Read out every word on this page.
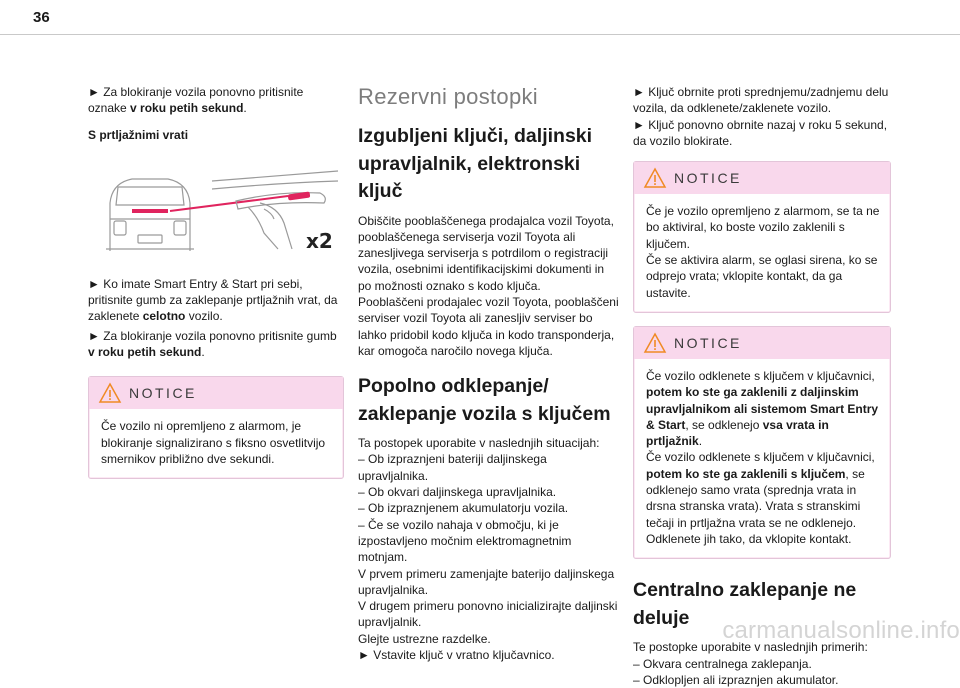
36

► Za blokiranje vozila ponovno pritisnite oznake v roku petih sekund.

S prtljažnimi vrati

x2

► Ko imate Smart Entry & Start pri sebi, pritisnite gumb za zaklepanje prtljažnih vrat, da zaklenete celotno vozilo.

► Za blokiranje vozila ponovno pritisnite gumb v roku petih sekund.

NOTICE
Če vozilo ni opremljeno z alarmom, je blokiranje signalizirano s fiksno osvetlitvijo smernikov približno dve sekundi.
Rezervni postopki
Izgubljeni ključi, daljinski upravljalnik, elektronski ključ

Obiščite pooblaščenega prodajalca vozil Toyota, pooblaščenega serviserja vozil Toyota ali zaneslјivega serviserja s potrdilom o registraciji vozila, osebnimi identifikacijskimi dokumenti in po možnosti oznako s kodo ključa.

Pooblaščeni prodajalec vozil Toyota, pooblaščeni serviser vozil Toyota ali zanesljiv serviser bo lahko pridobil kodo ključa in kodo transponderja, kar omogoča naročilo novega ključa.

Popolno odklepanje/ zaklepanje vozila s ključem

Ta postopek uporabite v naslednjih situacijah:

– Ob izpraznjeni bateriji daljinskega upravljalnika.

– Ob okvari daljinskega upravljalnika.

– Ob izpraznjenem akumulatorju vozila.

– Če se vozilo nahaja v območju, ki je izpostavljeno močnim elektromagnetnim motnjam.

V prvem primeru zamenjajte baterijo daljinskega upravljalnika.

V drugem primeru ponovno inicializirajte daljinski upravljalnik.

Glejte ustrezne razdelke.

► Vstavite ključ v vratno ključavnico.

► Ključ obrnite proti sprednjemu/zadnjemu delu vozila, da odklenete/zaklenete vozilo.

► Ključ ponovno obrnite nazaj v roku 5 sekund, da vozilo blokirate.

NOTICE
Če je vozilo opremljeno z alarmom, se ta ne bo aktiviral, ko boste vozilo zaklenili s ključem.
Če se aktivira alarm, se oglasi sirena, ko se odprejo vrata; vklopite kontakt, da ga ustavite.
NOTICE
Če vozilo odklenete s ključem v ključavnici, potem ko ste ga zaklenili z daljinskim upravljalnikom ali sistemom Smart Entry & Start, se odklenejo vsa vrata in prtljažnik.
Če vozilo odklenete s ključem v ključavnici, potem ko ste ga zaklenili s ključem, se odklenejo samo vrata (sprednja vrata in drsna stranska vrata). Vrata s stranskimi tečaji in prtljažna vrata se ne odklenejo. Odklenete jih tako, da vklopite kontakt.
Centralno zaklepanje ne deluje

Te postopke uporabite v naslednjih primerih:

– Okvara centralnega zaklepanja.

– Odklopljen ali izpraznjen akumulator.

carmanualsonline.info
